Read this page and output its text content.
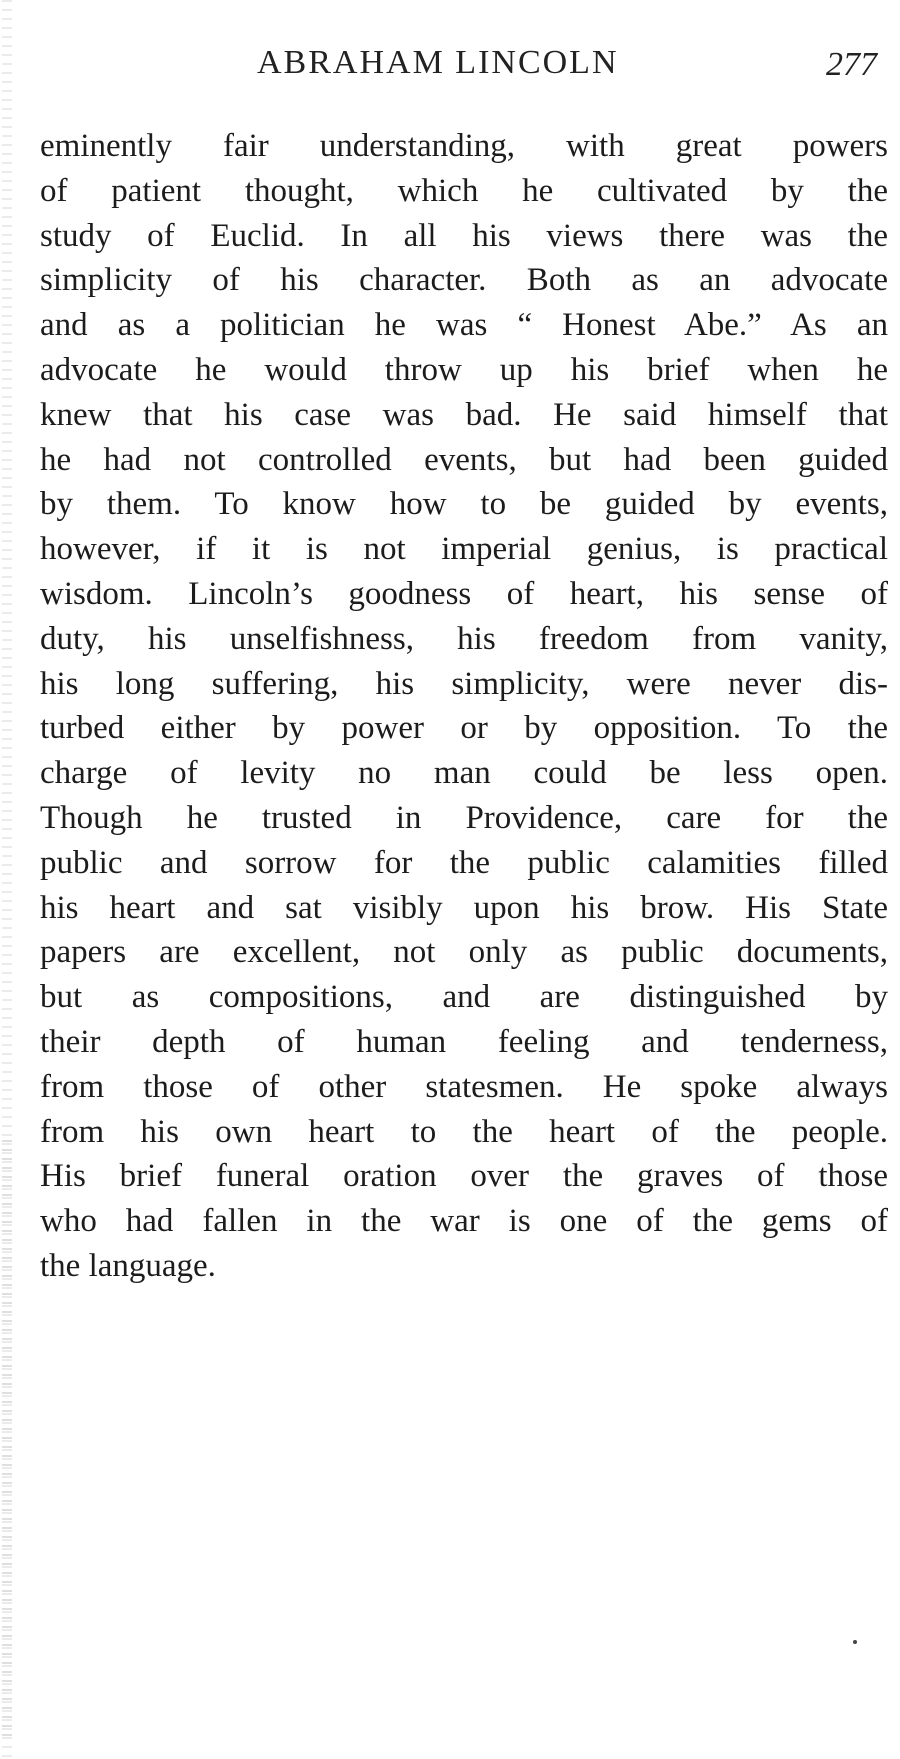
ABRAHAM LINCOLN	277
eminently fair understanding, with great powers
of patient thought, which he cultivated by the
study of Euclid. In all his views there was the
simplicity of his character. Both as an advocate
and as a politician he was “ Honest Abe.” As an
advocate he would throw up his brief when he
knew that his case was bad. He said himself that
he had not controlled events, but had been guided
by them. To know how to be guided by events,
however, if it is not imperial genius, is practical
wisdom. Lincoln’s goodness of heart, his sense of
duty, his unselfishness, his freedom from vanity,
his long suffering, his simplicity, were never dis-
turbed either by power or by opposition. To the
charge of levity no man could be less open.
Though he trusted in Providence, care for the
public and sorrow for the public calamities filled
his heart and sat visibly upon his brow. His State
papers are excellent, not only as public documents,
but as compositions, and are distinguished by
their depth of human feeling and tenderness,
from those of other statesmen. He spoke always
from his own heart to the heart of the people.
His brief funeral oration over the graves of those
who had fallen in the war is one of the gems of
the language.
